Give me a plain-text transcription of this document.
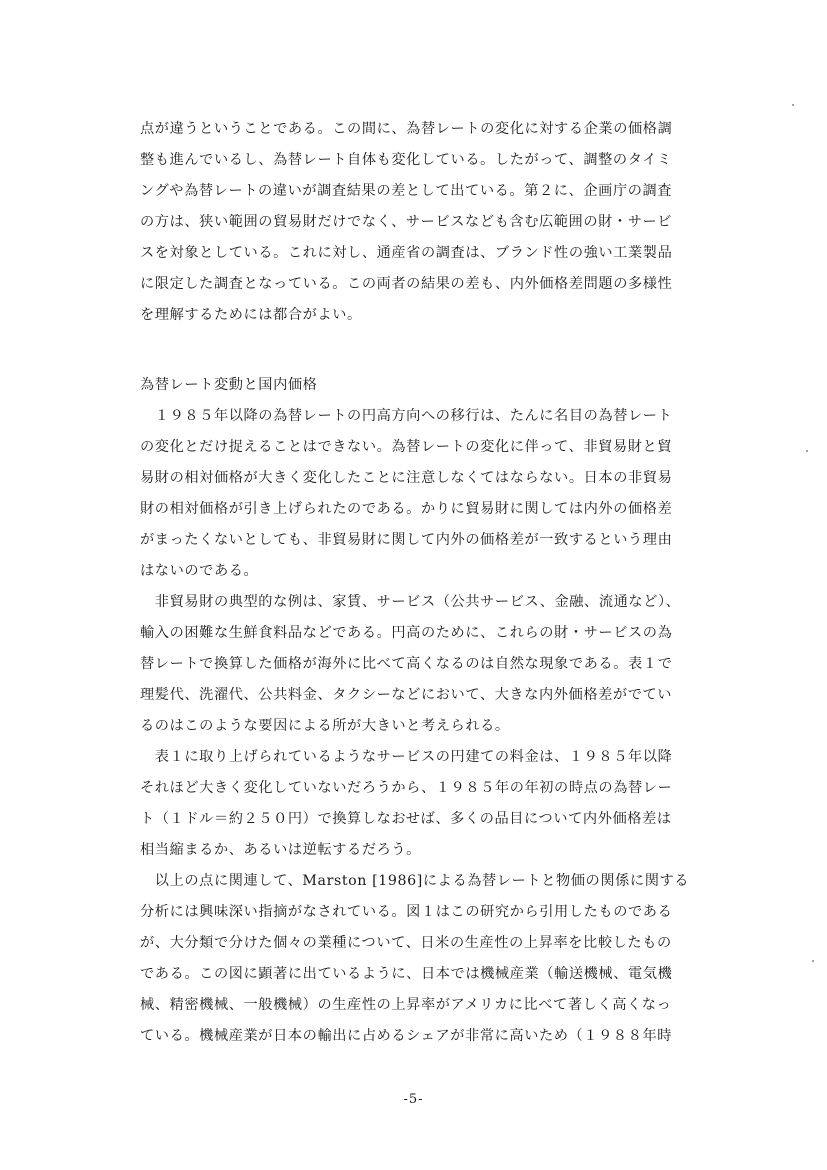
点が違うということである。この間に、為替レートの変化に対する企業の価格調
整も進んでいるし、為替レート自体も変化している。したがって、調整のタイミ
ングや為替レートの違いが調査結果の差として出ている。第２に、企画庁の調査
の方は、狭い範囲の貿易財だけでなく、サービスなども含む広範囲の財・サービ
スを対象としている。これに対し、通産省の調査は、ブランド性の強い工業製品
に限定した調査となっている。この両者の結果の差も、内外価格差問題の多様性
を理解するためには都合がよい。
為替レート変動と国内価格
　１９８５年以降の為替レートの円高方向への移行は、たんに名目の為替レート
の変化とだけ捉えることはできない。為替レートの変化に伴って、非貿易財と貿
易財の相対価格が大きく変化したことに注意しなくてはならない。日本の非貿易
財の相対価格が引き上げられたのである。かりに貿易財に関しては内外の価格差
がまったくないとしても、非貿易財に関して内外の価格差が一致するという理由
はないのである。
　非貿易財の典型的な例は、家賃、サービス（公共サービス、金融、流通など）、
輸入の困難な生鮮食料品などである。円高のために、これらの財・サービスの為
替レートで換算した価格が海外に比べて高くなるのは自然な現象である。表１で
理髪代、洗濯代、公共料金、タクシーなどにおいて、大きな内外価格差がでてい
るのはこのような要因による所が大きいと考えられる。
　表１に取り上げられているようなサービスの円建ての料金は、１９８５年以降
それほど大きく変化していないだろうから、１９８５年の年初の時点の為替レー
ト（１ドル＝約２５０円）で換算しなおせば、多くの品目について内外価格差は
相当縮まるか、あるいは逆転するだろう。
　以上の点に関連して、Marston [1986]による為替レートと物価の関係に関する
分析には興味深い指摘がなされている。図１はこの研究から引用したものである
が、大分類で分けた個々の業種について、日米の生産性の上昇率を比較したもの
である。この図に顕著に出ているように、日本では機械産業（輸送機械、電気機
械、精密機械、一般機械）の生産性の上昇率がアメリカに比べて著しく高くなっ
ている。機械産業が日本の輸出に占めるシェアが非常に高いため（１９８８年時
-5-
